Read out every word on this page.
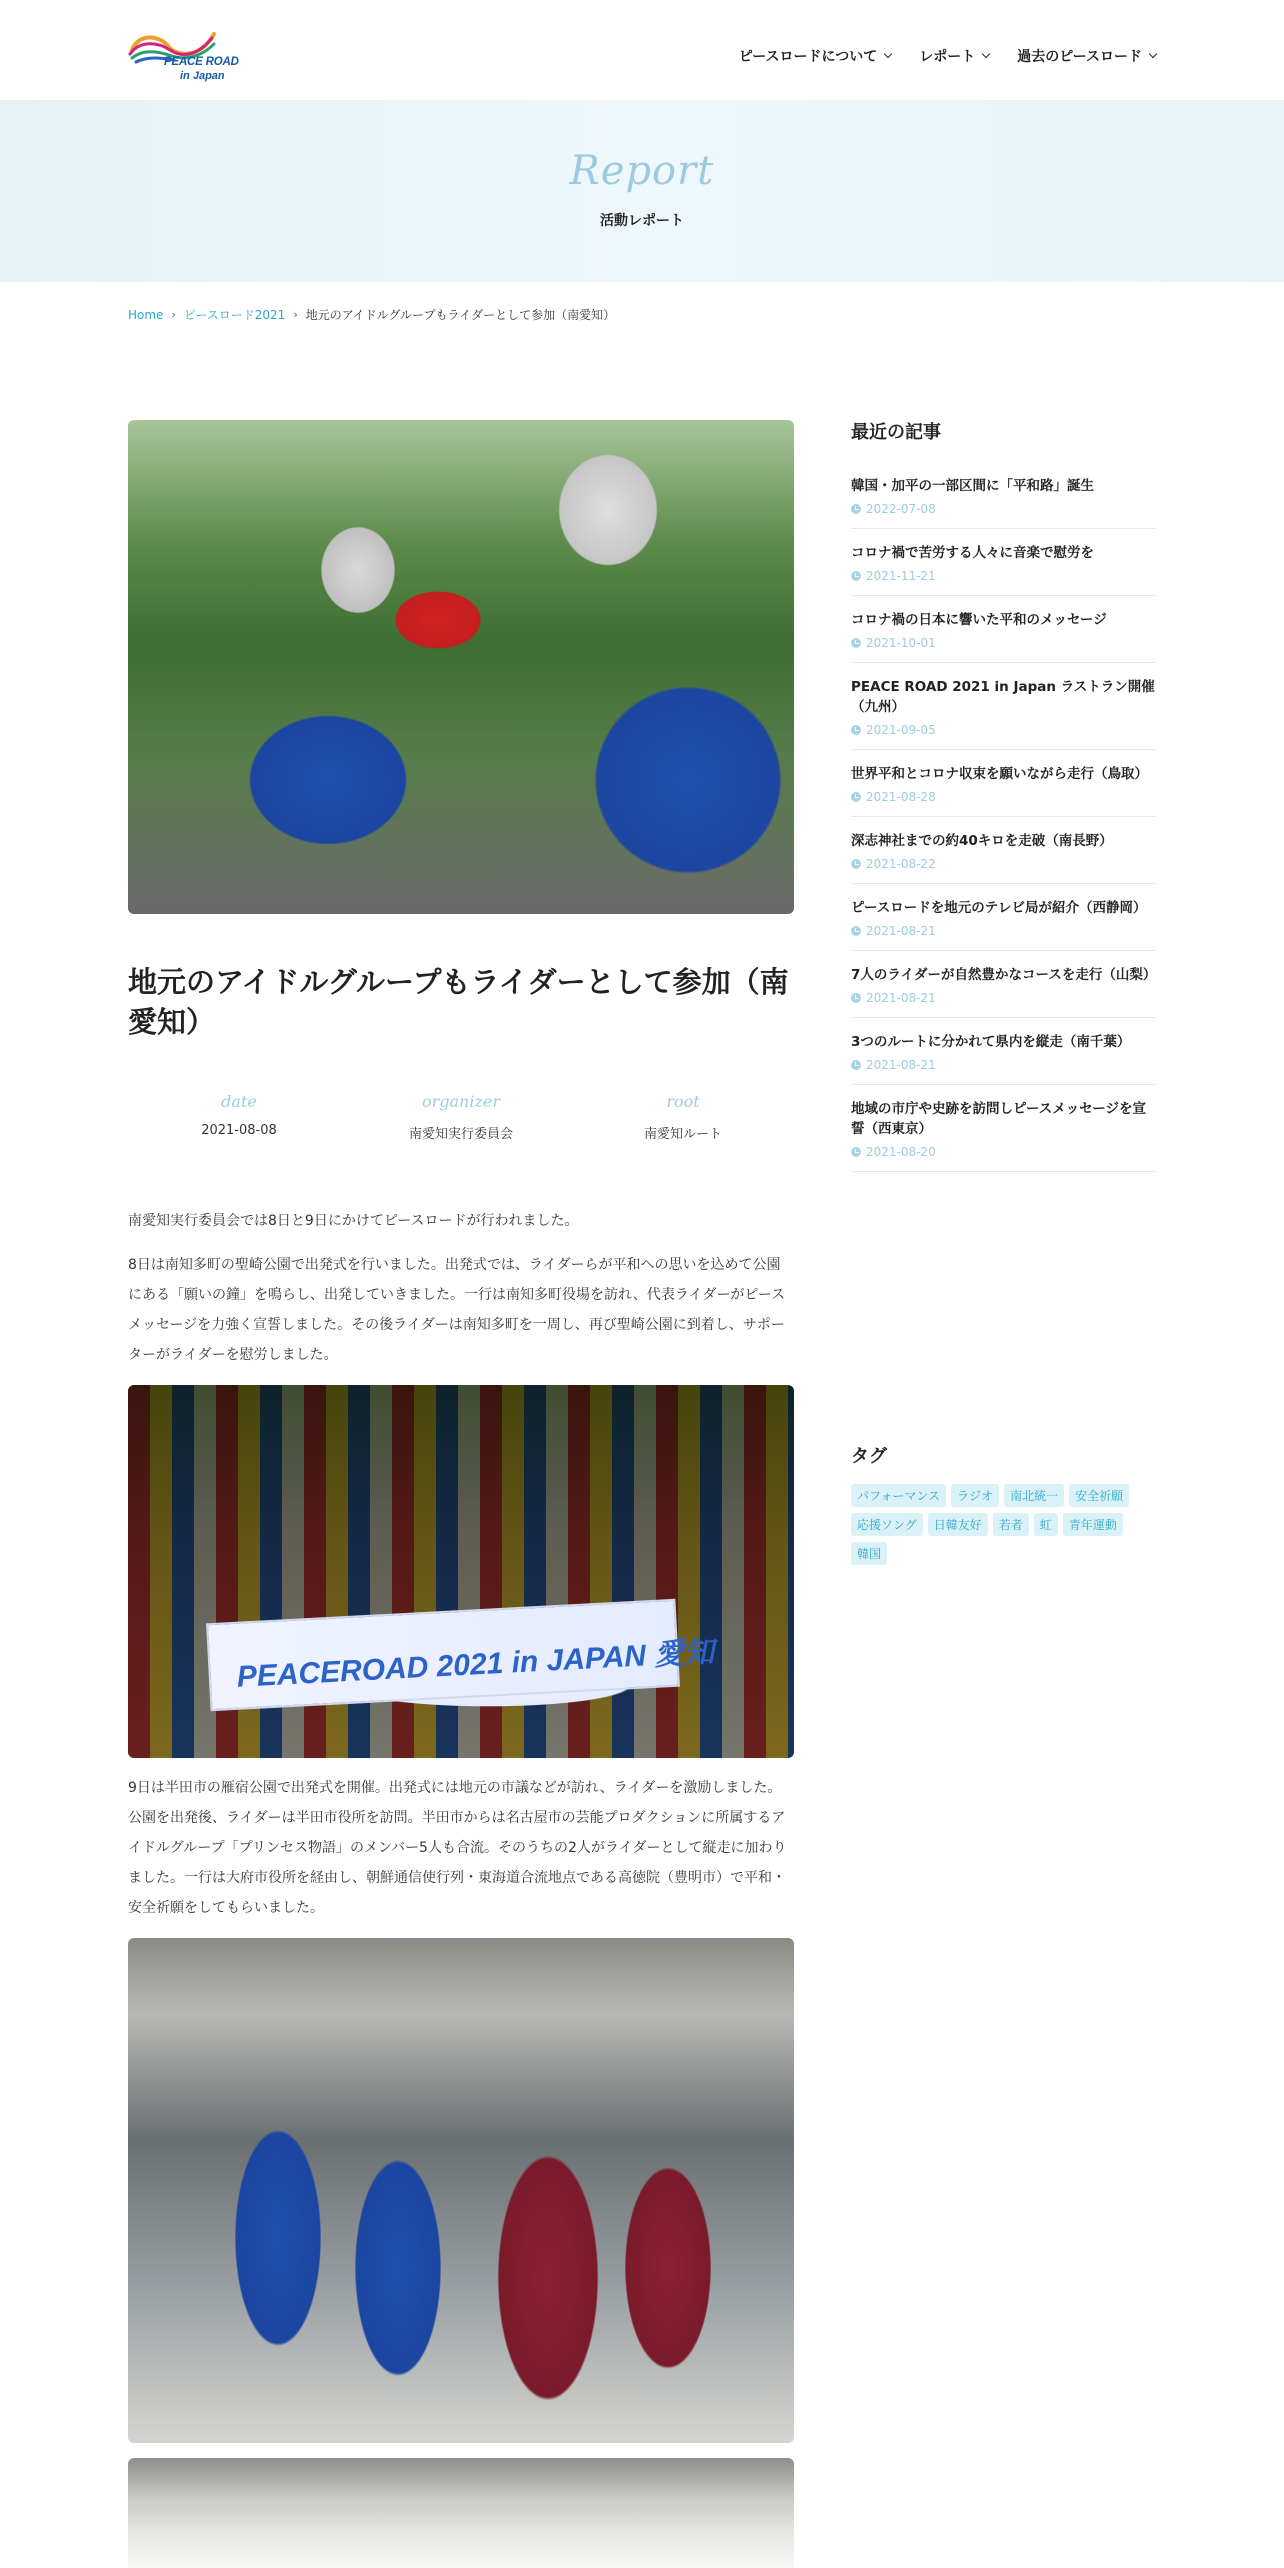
PEACE ROAD
in Japan
ピースロードについて	レポート	過去のピースロード
Report
活動レポート
Home › ピースロード2021 › 地元のアイドルグループもライダーとして参加（南愛知）
地元のアイドルグループもライダーとして参加（南愛知）
date
2021-08-08
organizer
南愛知実行委員会
root
南愛知ルート

南愛知実行委員会では8日と9日にかけてピースロードが行われました。

8日は南知多町の聖崎公園で出発式を行いました。出発式では、ライダーらが平和への思いを込めて公園にある「願いの鐘」を鳴らし、出発していきました。一行は南知多町役場を訪れ、代表ライダーがピースメッセージを力強く宣誓しました。その後ライダーは南知多町を一周し、再び聖崎公園に到着し、サポーターがライダーを慰労しました。

PEACEROAD 2021 in JAPAN 愛知

9日は半田市の雁宿公園で出発式を開催。出発式には地元の市議などが訪れ、ライダーを激励しました。公園を出発後、ライダーは半田市役所を訪問。半田市からは名古屋市の芸能プロダクションに所属するアイドルグループ「プリンセス物語」のメンバー5人も合流。そのうちの2人がライダーとして縦走に加わりました。一行は大府市役所を経由し、朝鮮通信使行列・東海道合流地点である高徳院（豊明市）で平和・安全祈願をしてもらいました。

最近の記事
韓国・加平の一部区間に「平和路」誕生
2022-07-08
コロナ禍で苦労する人々に音楽で慰労を
2021-11-21
コロナ禍の日本に響いた平和のメッセージ
2021-10-01
PEACE ROAD 2021 in Japan ラストラン開催（九州）
2021-09-05
世界平和とコロナ収束を願いながら走行（鳥取）
2021-08-28
深志神社までの約40キロを走破（南長野）
2021-08-22
ピースロードを地元のテレビ局が紹介（西静岡）
2021-08-21
7人のライダーが自然豊かなコースを走行（山梨）
2021-08-21
3つのルートに分かれて県内を縦走（南千葉）
2021-08-21
地域の市庁や史跡を訪問しピースメッセージを宣誓（西東京）
2021-08-20
タグ
パフォーマンス	ラジオ	南北統一	安全祈願
応援ソング	日韓友好	若者	虹	青年運動
韓国
